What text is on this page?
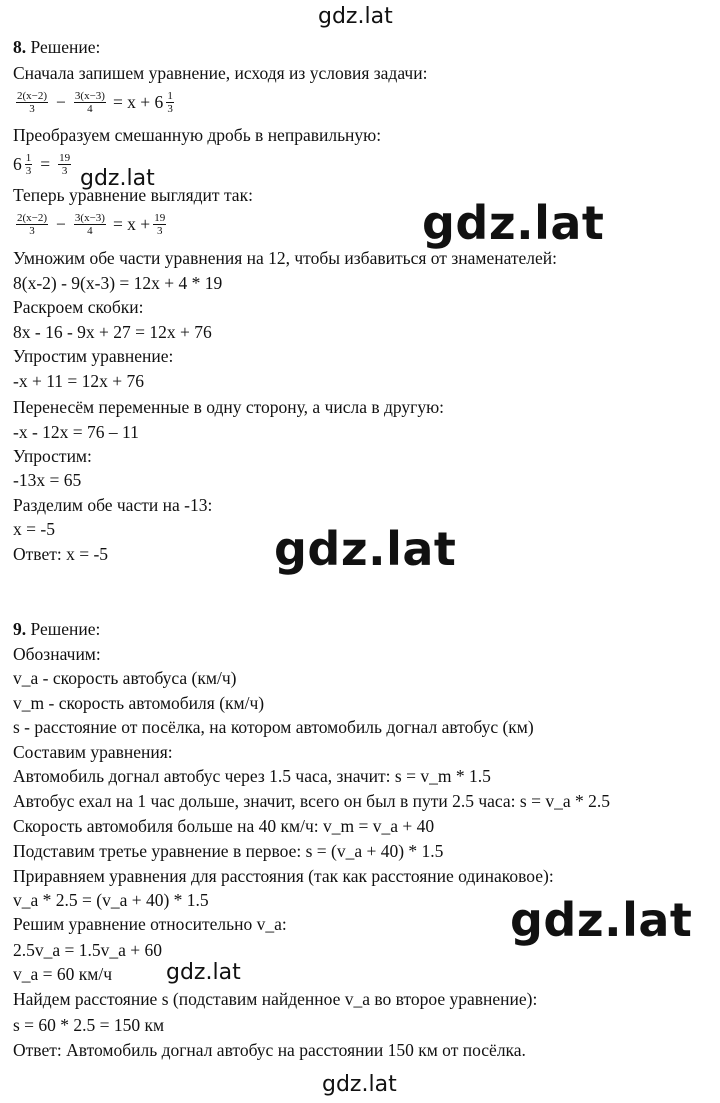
gdz.lat
8. Решение:
Сначала запишем уравнение, исходя из условия задачи:
$\frac{2(x-2)}{3} - \frac{3(x-3)}{4} = x + 6 \frac{1}{3}$
Преобразуем смешанную дробь в неправильную:
$6 \frac{1}{3} = \frac{19}{3}$
gdz.lat
Теперь уравнение выглядит так:
$\frac{2(x-2)}{3} - \frac{3(x-3)}{4} = x + \frac{19}{3}$	gdz.lat
Умножим обе части уравнения на 12, чтобы избавиться от знаменателей:
8(x-2) - 9(x-3) = 12x + 4 * 19
Раскроем скобки:
8x - 16 - 9x + 27 = 12x + 76
Упростим уравнение:
-x + 11 = 12x + 76
Перенесём переменные в одну сторону, а числа в другую:
-x - 12x = 76 – 11
Упростим:
-13x = 65
Разделим обе части на -13:
x = -5
Ответ: x = -5	gdz.lat
9. Решение:
Обозначим:
v_a - скорость автобуса (км/ч)
v_m - скорость автомобиля (км/ч)
s - расстояние от посёлка, на котором автомобиль догнал автобус (км)
Составим уравнения:
Автомобиль догнал автобус через 1.5 часа, значит: s = v_m * 1.5
Автобус ехал на 1 час дольше, значит, всего он был в пути 2.5 часа: s = v_a * 2.5
Скорость автомобиля больше на 40 км/ч: v_m = v_a + 40
Подставим третье уравнение в первое: s = (v_a + 40) * 1.5
Приравняем уравнения для расстояния (так как расстояние одинаковое):
v_a * 2.5 = (v_a + 40) * 1.5
Решим уравнение относительно v_a:
2.5v_a = 1.5v_a + 60
v_a = 60 км/ч
Найдем расстояние s (подставим найденное v_a во второе уравнение):
s = 60 * 2.5 = 150 км
Ответ: Автомобиль догнал автобус на расстоянии 150 км от посёлка.
gdz.lat
gdz.lat
gdz.lat
